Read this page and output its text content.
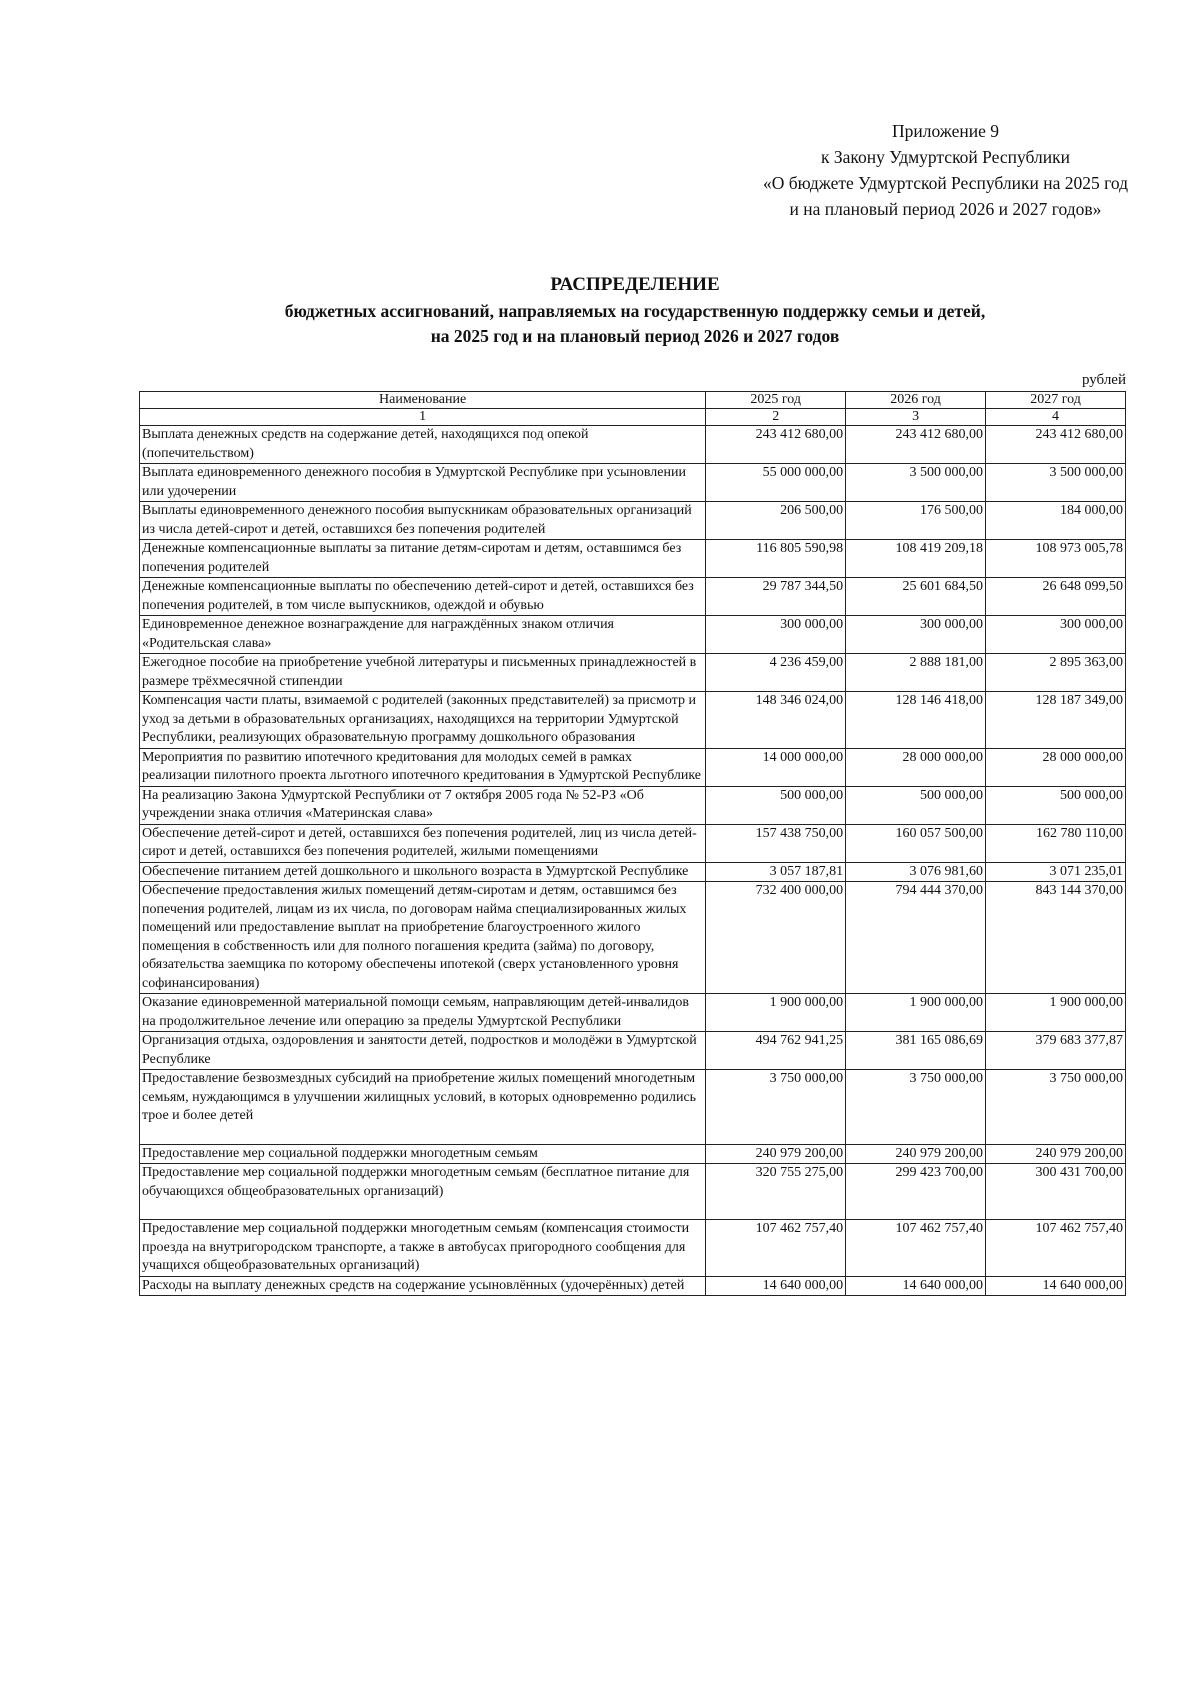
Приложение 9
к Закону Удмуртской Республики
«О бюджете Удмуртской Республики на 2025 год
и на плановый период 2026 и 2027 годов»
РАСПРЕДЕЛЕНИЕ
бюджетных ассигнований, направляемых на государственную поддержку семьи и детей,
на 2025 год и на плановый период 2026 и 2027 годов
рублей
Наименование	2025 год	2026 год	2027 год
1	2	3	4
Выплата денежных средств на содержание детей, находящихся под опекой (попечительством)	243 412 680,00	243 412 680,00	243 412 680,00
Выплата единовременного денежного пособия в Удмуртской Республике при усыновлении или удочерении	55 000 000,00	3 500 000,00	3 500 000,00
Выплаты единовременного денежного пособия выпускникам образовательных организаций из числа детей-сирот и детей, оставшихся без попечения родителей	206 500,00	176 500,00	184 000,00
Денежные компенсационные выплаты за питание детям-сиротам и детям, оставшимся без попечения родителей	116 805 590,98	108 419 209,18	108 973 005,78
Денежные компенсационные выплаты по обеспечению детей-сирот и детей, оставшихся без попечения родителей, в том числе выпускников, одеждой и обувью	29 787 344,50	25 601 684,50	26 648 099,50
Единовременное денежное вознаграждение для награждённых знаком отличия «Родительская слава»	300 000,00	300 000,00	300 000,00
Ежегодное пособие на приобретение учебной литературы и письменных принадлежностей в размере трёхмесячной стипендии	4 236 459,00	2 888 181,00	2 895 363,00
Компенсация части платы, взимаемой с родителей (законных представителей) за присмотр и уход за детьми в образовательных организациях, находящихся на территории Удмуртской Республики, реализующих образовательную программу дошкольного образования	148 346 024,00	128 146 418,00	128 187 349,00
Мероприятия по развитию ипотечного кредитования для молодых семей в рамках реализации пилотного проекта льготного ипотечного кредитования в Удмуртской Республике	14 000 000,00	28 000 000,00	28 000 000,00
На реализацию Закона Удмуртской Республики от 7 октября 2005 года № 52-РЗ «Об учреждении знака отличия «Материнская слава»	500 000,00	500 000,00	500 000,00
Обеспечение детей-сирот и детей, оставшихся без попечения родителей, лиц из числа детей-сирот и детей, оставшихся без попечения родителей, жилыми помещениями	157 438 750,00	160 057 500,00	162 780 110,00
Обеспечение питанием детей дошкольного и школьного возраста в Удмуртской Республике	3 057 187,81	3 076 981,60	3 071 235,01
Обеспечение предоставления жилых помещений детям-сиротам и детям, оставшимся без попечения родителей, лицам из их числа, по договорам найма специализированных жилых помещений или предоставление выплат на приобретение благоустроенного жилого помещения в собственность или для полного погашения кредита (займа) по договору, обязательства заемщика по которому обеспечены ипотекой (сверх установленного уровня софинансирования)	732 400 000,00	794 444 370,00	843 144 370,00
Оказание единовременной материальной помощи семьям, направляющим детей-инвалидов на продолжительное лечение или операцию за пределы Удмуртской Республики	1 900 000,00	1 900 000,00	1 900 000,00
Организация отдыха, оздоровления и занятости детей, подростков и молодёжи в Удмуртской Республике	494 762 941,25	381 165 086,69	379 683 377,87
Предоставление безвозмездных субсидий на приобретение жилых помещений многодетным семьям, нуждающимся в улучшении жилищных условий, в которых одновременно родились трое и более детей	3 750 000,00	3 750 000,00	3 750 000,00
Предоставление мер социальной поддержки многодетным семьям	240 979 200,00	240 979 200,00	240 979 200,00
Предоставление мер социальной поддержки многодетным семьям (бесплатное питание для обучающихся общеобразовательных организаций)	320 755 275,00	299 423 700,00	300 431 700,00
Предоставление мер социальной поддержки многодетным семьям (компенсация стоимости проезда на внутригородском транспорте, а также в автобусах пригородного сообщения для учащихся общеобразовательных организаций)	107 462 757,40	107 462 757,40	107 462 757,40
Расходы на выплату денежных средств на содержание усыновлённых (удочерённых) детей	14 640 000,00	14 640 000,00	14 640 000,00
